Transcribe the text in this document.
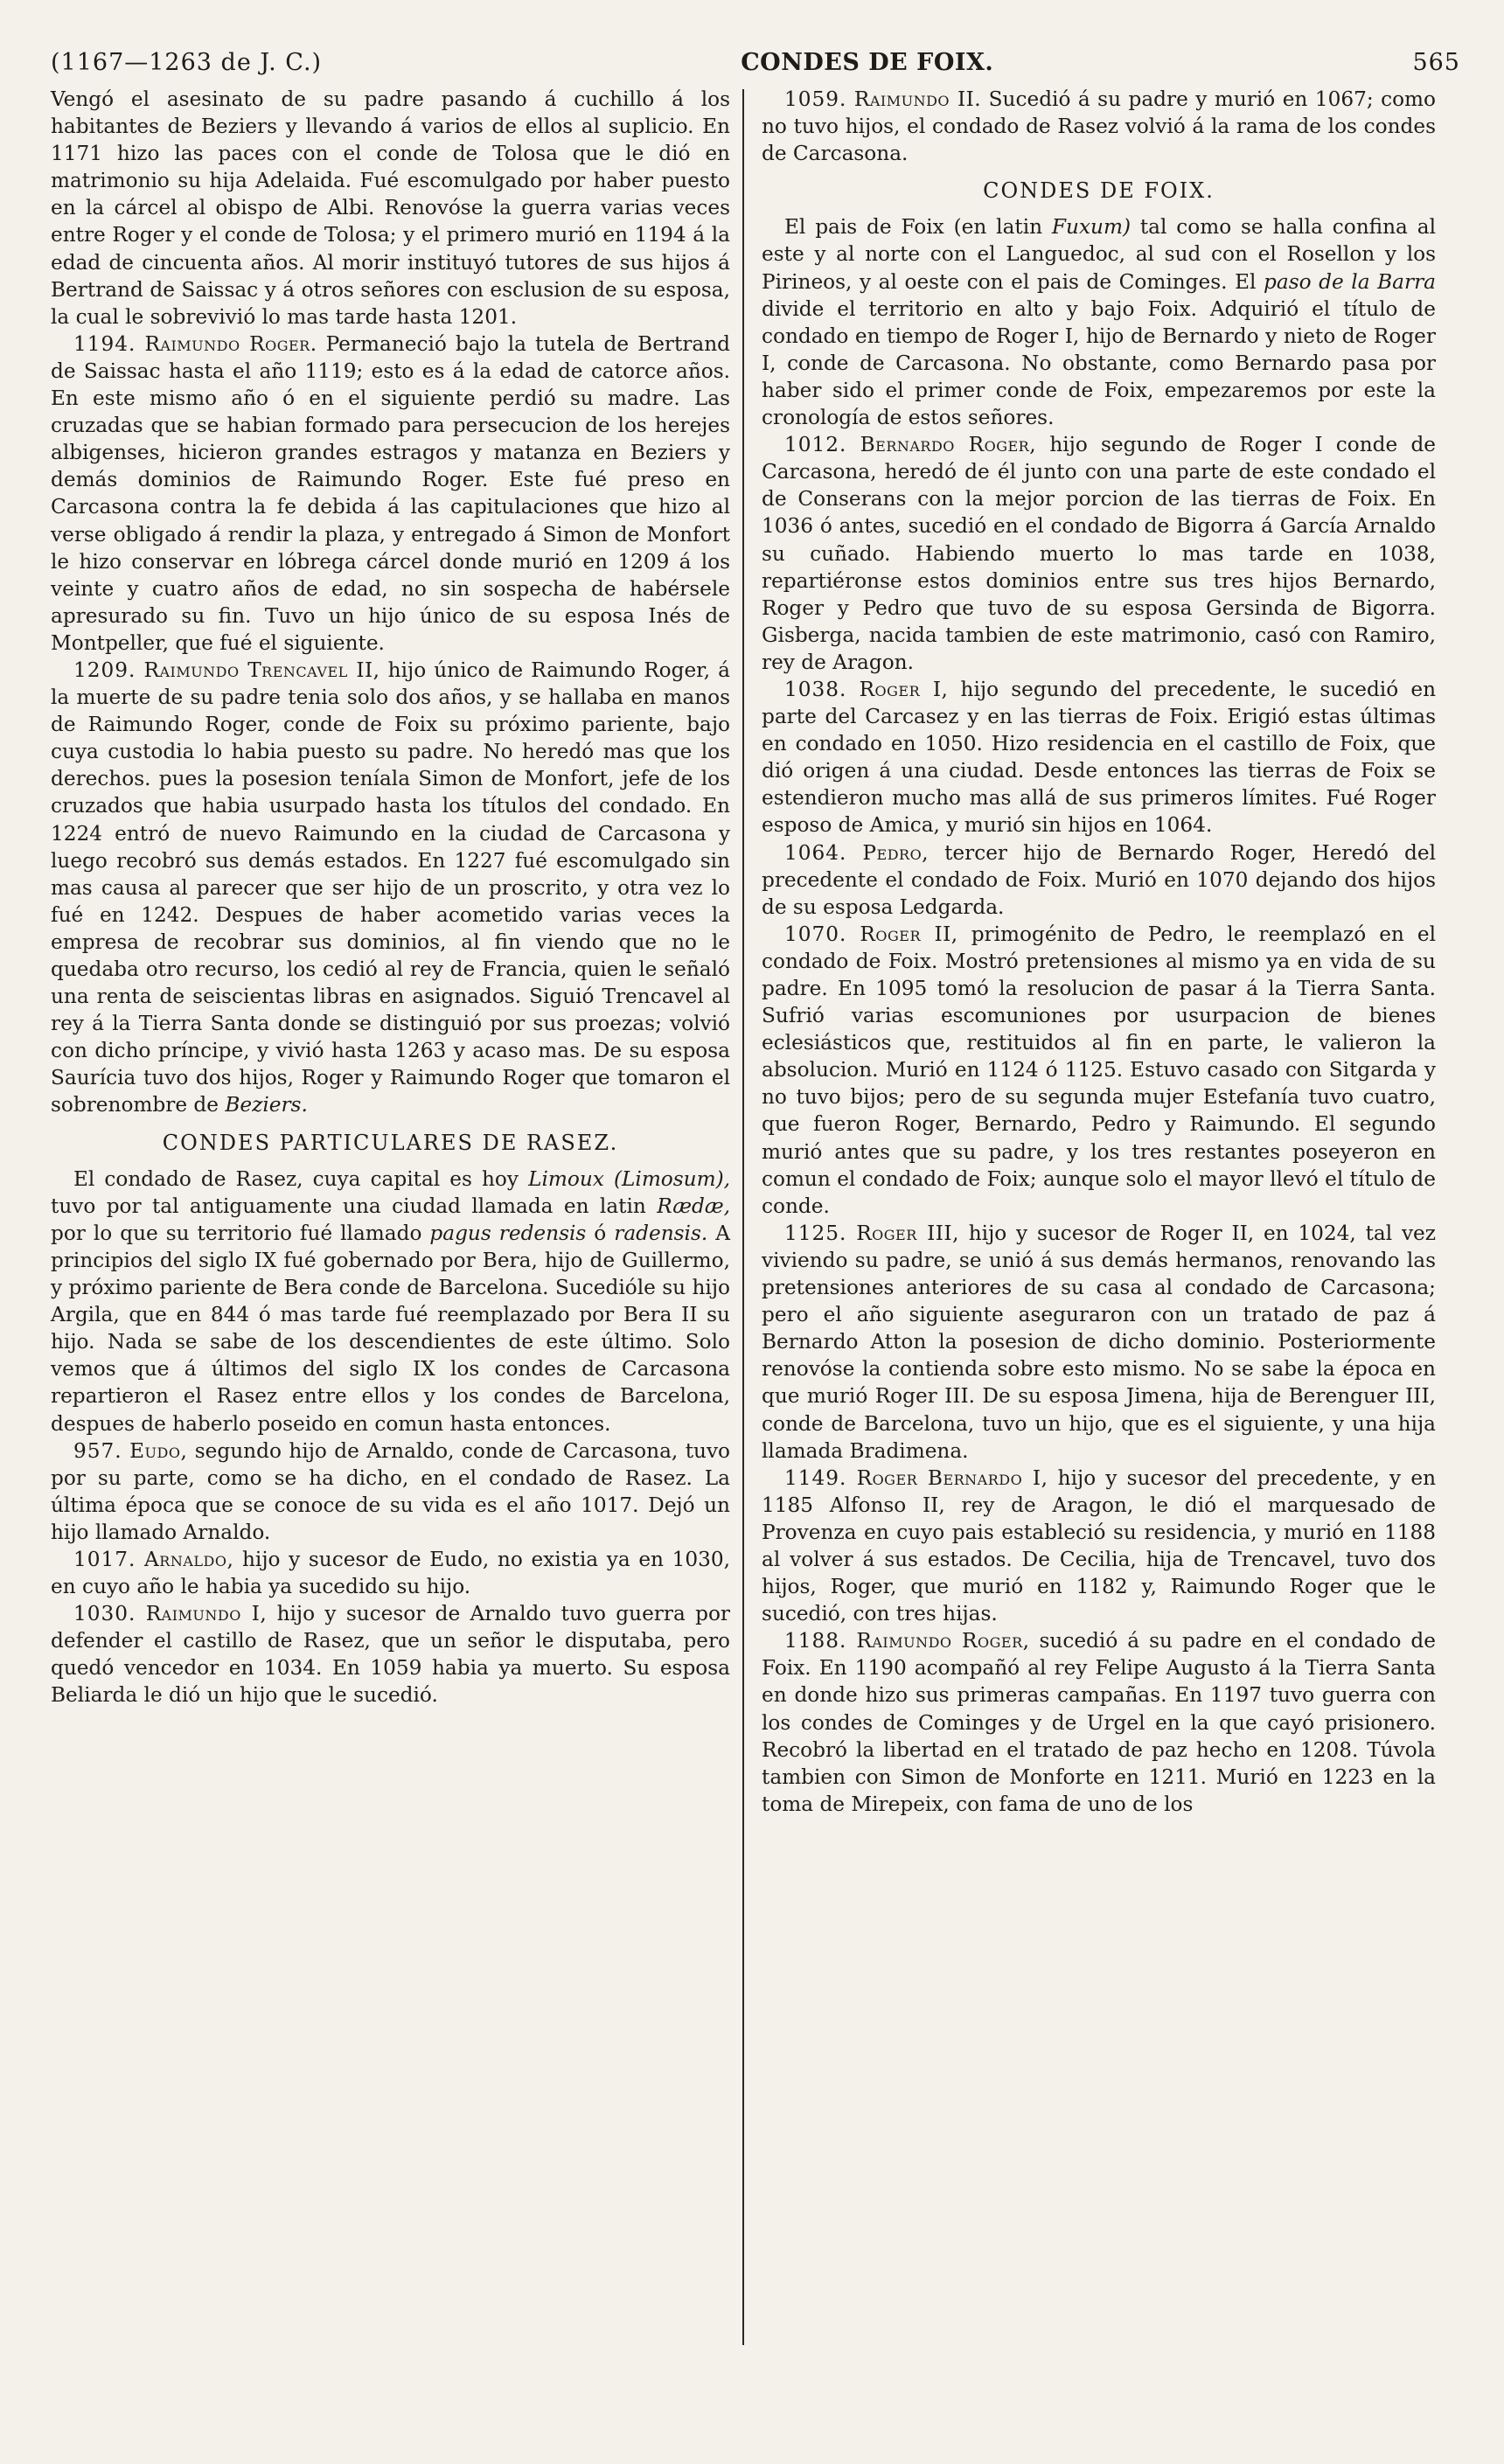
(1167—1263 de J. C.)	CONDES DE FOIX.	565

Vengó el asesinato de su padre pasando á cuchillo á los habitantes de Beziers y llevando á varios de ellos al suplicio. En 1171 hizo las paces con el conde de Tolosa que le dió en matrimonio su hija Adelaida. Fué escomulgado por haber puesto en la cárcel al obispo de Albi. Renovóse la guerra varias veces entre Roger y el conde de Tolosa; y el primero murió en 1194 á la edad de cincuenta años. Al morir instituyó tutores de sus hijos á Bertrand de Saissac y á otros señores con esclusion de su esposa, la cual le sobrevivió lo mas tarde hasta 1201.

1194. Raimundo Roger. Permaneció bajo la tutela de Bertrand de Saissac hasta el año 1119; esto es á la edad de catorce años. En este mismo año ó en el siguiente perdió su madre. Las cruzadas que se habian formado para persecucion de los herejes albigenses, hicieron grandes estragos y matanza en Beziers y demás dominios de Raimundo Roger. Este fué preso en Carcasona contra la fe debida á las capitulaciones que hizo al verse obligado á rendir la plaza, y entregado á Simon de Monfort le hizo conservar en lóbrega cárcel donde murió en 1209 á los veinte y cuatro años de edad, no sin sospecha de habérsele apresurado su fin. Tuvo un hijo único de su esposa Inés de Montpeller, que fué el siguiente.

1209. Raimundo Trencavel II, hijo único de Raimundo Roger, á la muerte de su padre tenia solo dos años, y se hallaba en manos de Raimundo Roger, conde de Foix su próximo pariente, bajo cuya custodia lo habia puesto su padre. No heredó mas que los derechos. pues la posesion teníala Simon de Monfort, jefe de los cruzados que habia usurpado hasta los títulos del condado. En 1224 entró de nuevo Raimundo en la ciudad de Carcasona y luego recobró sus demás estados. En 1227 fué escomulgado sin mas causa al parecer que ser hijo de un proscrito, y otra vez lo fué en 1242. Despues de haber acometido varias veces la empresa de recobrar sus dominios, al fin viendo que no le quedaba otro recurso, los cedió al rey de Francia, quien le señaló una renta de seiscientas libras en asignados. Siguió Trencavel al rey á la Tierra Santa donde se distinguió por sus proezas; volvió con dicho príncipe, y vivió hasta 1263 y acaso mas. De su esposa Saurícia tuvo dos hijos, Roger y Raimundo Roger que tomaron el sobrenombre de Beziers.

CONDES PARTICULARES DE RASEZ.

El condado de Rasez, cuya capital es hoy Limoux (Limosum), tuvo por tal antiguamente una ciudad llamada en latin Rædæ, por lo que su territorio fué llamado pagus redensis ó radensis. A principios del siglo IX fué gobernado por Bera, hijo de Guillermo, y próximo pariente de Bera conde de Barcelona. Sucedióle su hijo Argila, que en 844 ó mas tarde fué reemplazado por Bera II su hijo. Nada se sabe de los descendientes de este último. Solo vemos que á últimos del siglo IX los condes de Carcasona repartieron el Rasez entre ellos y los condes de Barcelona, despues de haberlo poseido en comun hasta entonces.

957. Eudo, segundo hijo de Arnaldo, conde de Carcasona, tuvo por su parte, como se ha dicho, en el condado de Rasez. La última época que se conoce de su vida es el año 1017. Dejó un hijo llamado Arnaldo.

1017. Arnaldo, hijo y sucesor de Eudo, no existia ya en 1030, en cuyo año le habia ya sucedido su hijo.

1030. Raimundo I, hijo y sucesor de Arnaldo tuvo guerra por defender el castillo de Rasez, que un señor le disputaba, pero quedó vencedor en 1034. En 1059 habia ya muerto. Su esposa Beliarda le dió un hijo que le sucedió.

1059. Raimundo II. Sucedió á su padre y murió en 1067; como no tuvo hijos, el condado de Rasez volvió á la rama de los condes de Carcasona.

CONDES DE FOIX.

El pais de Foix (en latin Fuxum) tal como se halla confina al este y al norte con el Languedoc, al sud con el Rosellon y los Pirineos, y al oeste con el pais de Cominges. El paso de la Barra divide el territorio en alto y bajo Foix. Adquirió el título de condado en tiempo de Roger I, hijo de Bernardo y nieto de Roger I, conde de Carcasona. No obstante, como Bernardo pasa por haber sido el primer conde de Foix, empezaremos por este la cronología de estos señores.

1012. Bernardo Roger, hijo segundo de Roger I conde de Carcasona, heredó de él junto con una parte de este condado el de Conserans con la mejor porcion de las tierras de Foix. En 1036 ó antes, sucedió en el condado de Bigorra á García Arnaldo su cuñado. Habiendo muerto lo mas tarde en 1038, repartiéronse estos dominios entre sus tres hijos Bernardo, Roger y Pedro que tuvo de su esposa Gersinda de Bigorra. Gisberga, nacida tambien de este matrimonio, casó con Ramiro, rey de Aragon.

1038. Roger I, hijo segundo del precedente, le sucedió en parte del Carcasez y en las tierras de Foix. Erigió estas últimas en condado en 1050. Hizo residencia en el castillo de Foix, que dió origen á una ciudad. Desde entonces las tierras de Foix se estendieron mucho mas allá de sus primeros límites. Fué Roger esposo de Amica, y murió sin hijos en 1064.

1064. Pedro, tercer hijo de Bernardo Roger, Heredó del precedente el condado de Foix. Murió en 1070 dejando dos hijos de su esposa Ledgarda.

1070. Roger II, primogénito de Pedro, le reemplazó en el condado de Foix. Mostró pretensiones al mismo ya en vida de su padre. En 1095 tomó la resolucion de pasar á la Tierra Santa. Sufrió varias escomuniones por usurpacion de bienes eclesiásticos que, restituidos al fin en parte, le valieron la absolucion. Murió en 1124 ó 1125. Estuvo casado con Sitgarda y no tuvo bijos; pero de su segunda mujer Estefanía tuvo cuatro, que fueron Roger, Bernardo, Pedro y Raimundo. El segundo murió antes que su padre, y los tres restantes poseyeron en comun el condado de Foix; aunque solo el mayor llevó el título de conde.

1125. Roger III, hijo y sucesor de Roger II, en 1024, tal vez viviendo su padre, se unió á sus demás hermanos, renovando las pretensiones anteriores de su casa al condado de Carcasona; pero el año siguiente aseguraron con un tratado de paz á Bernardo Atton la posesion de dicho dominio. Posteriormente renovóse la contienda sobre esto mismo. No se sabe la época en que murió Roger III. De su esposa Jimena, hija de Berenguer III, conde de Barcelona, tuvo un hijo, que es el siguiente, y una hija llamada Bradimena.

1149. Roger Bernardo I, hijo y sucesor del precedente, y en 1185 Alfonso II, rey de Aragon, le dió el marquesado de Provenza en cuyo pais estableció su residencia, y murió en 1188 al volver á sus estados. De Cecilia, hija de Trencavel, tuvo dos hijos, Roger, que murió en 1182 y, Raimundo Roger que le sucedió, con tres hijas.

1188. Raimundo Roger, sucedió á su padre en el condado de Foix. En 1190 acompañó al rey Felipe Augusto á la Tierra Santa en donde hizo sus primeras campañas. En 1197 tuvo guerra con los condes de Cominges y de Urgel en la que cayó prisionero. Recobró la libertad en el tratado de paz hecho en 1208. Túvola tambien con Simon de Monforte en 1211. Murió en 1223 en la toma de Mirepeix, con fama de uno de los
